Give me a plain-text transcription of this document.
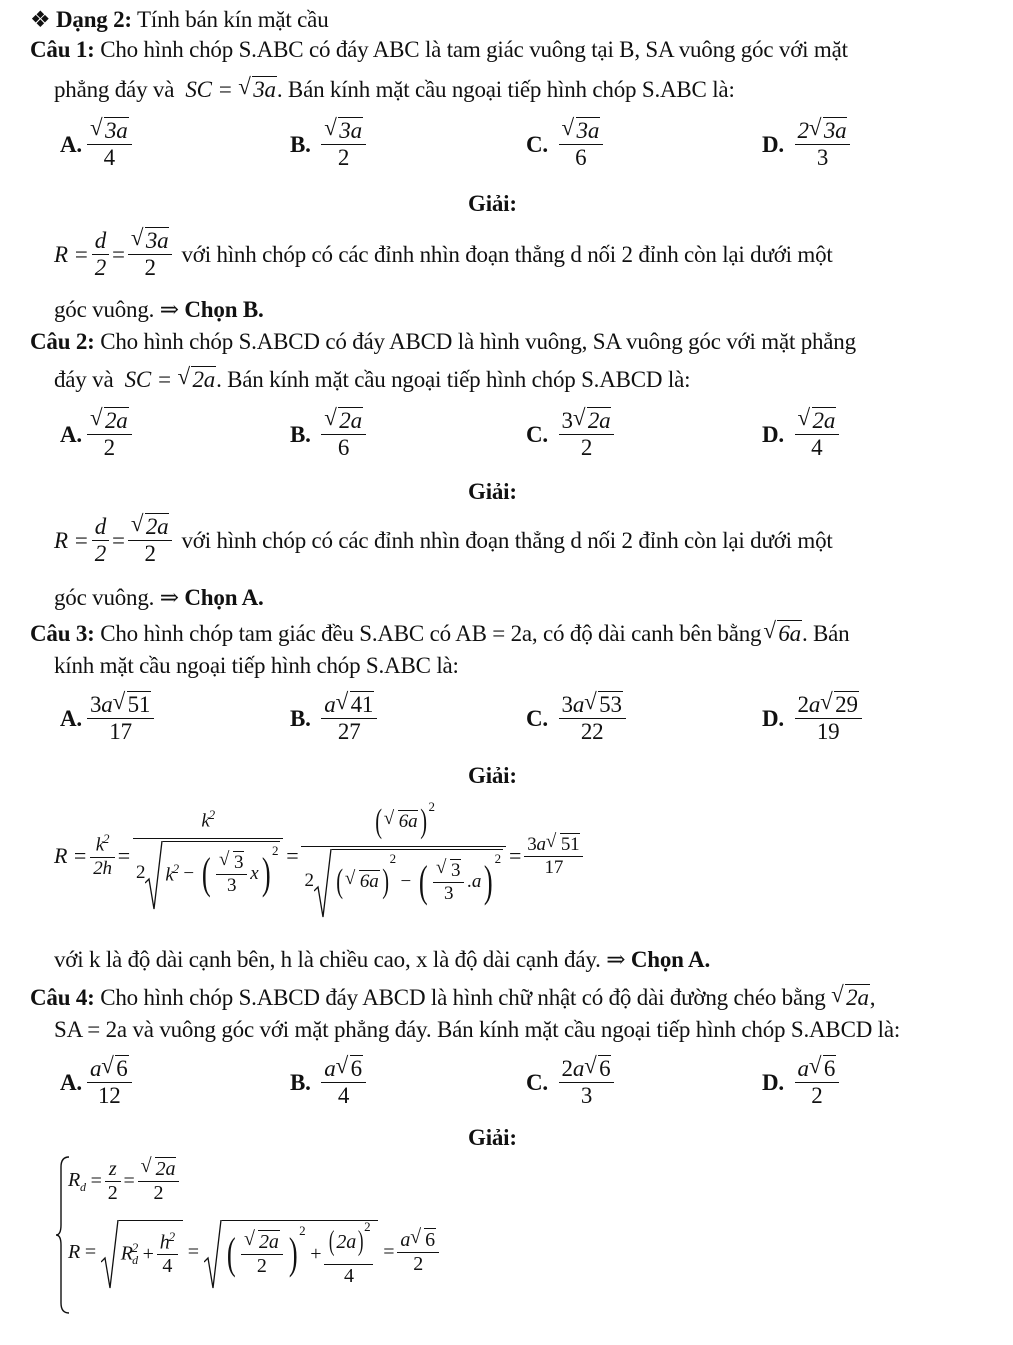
❖ Dạng 2: Tính bán kín mặt cầu
Câu 1: Cho hình chóp S.ABC có đáy ABC là tam giác vuông tại B, SA vuông góc với mặt
phẳng đáy và  SC = √ 3a. Bán kính mặt cầu ngoại tiếp hình chóp S.ABC là:
A. √ $\frac{3a}{4}$	B.
√ $\frac{3a}{2}$	C.
√ $\frac{3a}{6}$	D.
$\frac{2 √ 3a}{3}$
Giải:
$R = \frac{d}{2}$ = √ $\frac{3a}{2}$ với hình chóp có các đỉnh nhìn đoạn thẳng d nối 2 đỉnh còn lại dưới một
góc vuông. ⇒ Chọn B.
Câu 2: Cho hình chóp S.ABCD có đáy ABCD là hình vuông, SA vuông góc với mặt phẳng
đáy và  SC = √ 2a. Bán kính mặt cầu ngoại tiếp hình chóp S.ABCD là:
A. √ $\frac{2a}{2}$	B.
√ $\frac{2a}{6}$	C.
$\frac{3 √ 2a}{2}$	D.
√ $\frac{2a}{4}$
Giải:
$R = \frac{d}{2}$ = √ $\frac{2a}{2}$ với hình chóp có các đỉnh nhìn đoạn thẳng d nối 2 đỉnh còn lại dưới một
góc vuông. ⇒ Chọn A.
Câu 3: Cho hình chóp tam giác đều S.ABC có AB = 2a, có độ dài canh bên bằng √ 6a. Bán
kính mặt cầu ngoại tiếp hình chóp S.ABC là:
A. $\frac{3a √ 51}{17}$	B.
$\frac{a √ 41}{27}$	C.
$\frac{3a √ 53}{22}$	D.
$\frac{2a √ 29}{19}$
Giải:
$R = \frac{k^2}{2h}$ =
$k^2$
2 $k^2$ − ( √ $\frac{3}{3}$ x ) 2 =
( √ 6a ) 2
2 ( √ 6a )
2
− ( √ $\frac{3}{3} .a$ ) $2 = \frac{3a √ 51}{17}$
với k là độ dài cạnh bên, h là chiều cao, x là độ dài cạnh đáy. ⇒ Chọn A.
Câu 4: Cho hình chóp S.ABCD đáy ABCD là hình chữ nhật có độ dài đường chéo bằng √ 2a,
SA = 2a và vuông góc với mặt phẳng đáy. Bán kính mặt cầu ngoại tiếp hình chóp S.ABCD là:
A. $\frac{a √ 6}{12}$	B.
$\frac{a √ 6}{4}$	C.
$\frac{2a √ 6}{3}$	D.
$\frac{a √ 6}{2}$
Giải:
$R_d = \frac{z}{2}$ = √ $\frac{2a}{2}$
$R = R^2_d + \frac{h^2}{4}$ = ( √ $\frac{2a}{2}$ ) 2
+ $\frac{( 2a ) 2}{4} = \frac{a √ 6}{2}$
